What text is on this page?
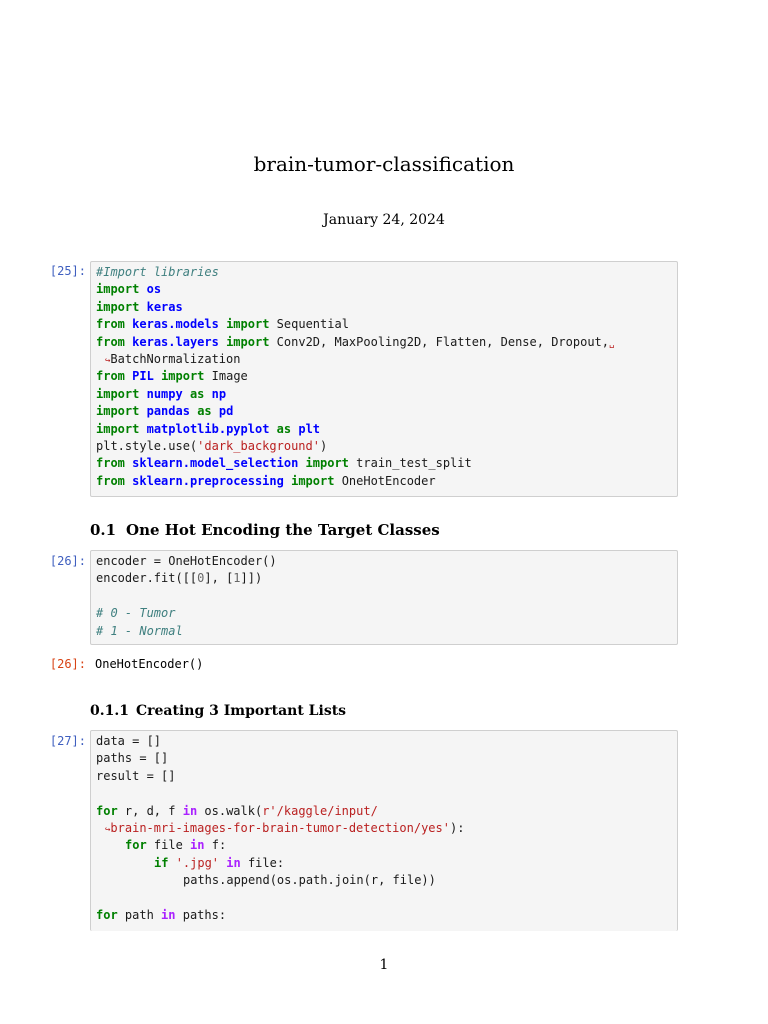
brain-tumor-classification
January 24, 2024
[25]: #Import libraries
import os
import keras
from keras.models import Sequential
from keras.layers import Conv2D, MaxPooling2D, Flatten, Dense, Dropout,␣
↪BatchNormalization
from PIL import Image
import numpy as np
import pandas as pd
import matplotlib.pyplot as plt
plt.style.use('dark_background')
from sklearn.model_selection import train_test_split
from sklearn.preprocessing import OneHotEncoder
0.1 One Hot Encoding the Target Classes
[26]: encoder = OneHotEncoder()
encoder.fit([[0], [1]])
# 0 - Tumor
# 1 - Normal
[26]: OneHotEncoder()
0.1.1 Creating 3 Important Lists
[27]: data = []
paths = []
result = []
for r, d, f in os.walk(r'/kaggle/input/
↪brain-mri-images-for-brain-tumor-detection/yes'):
for file in f:
if '.jpg' in file:
paths.append(os.path.join(r, file))
for path in paths:
1
